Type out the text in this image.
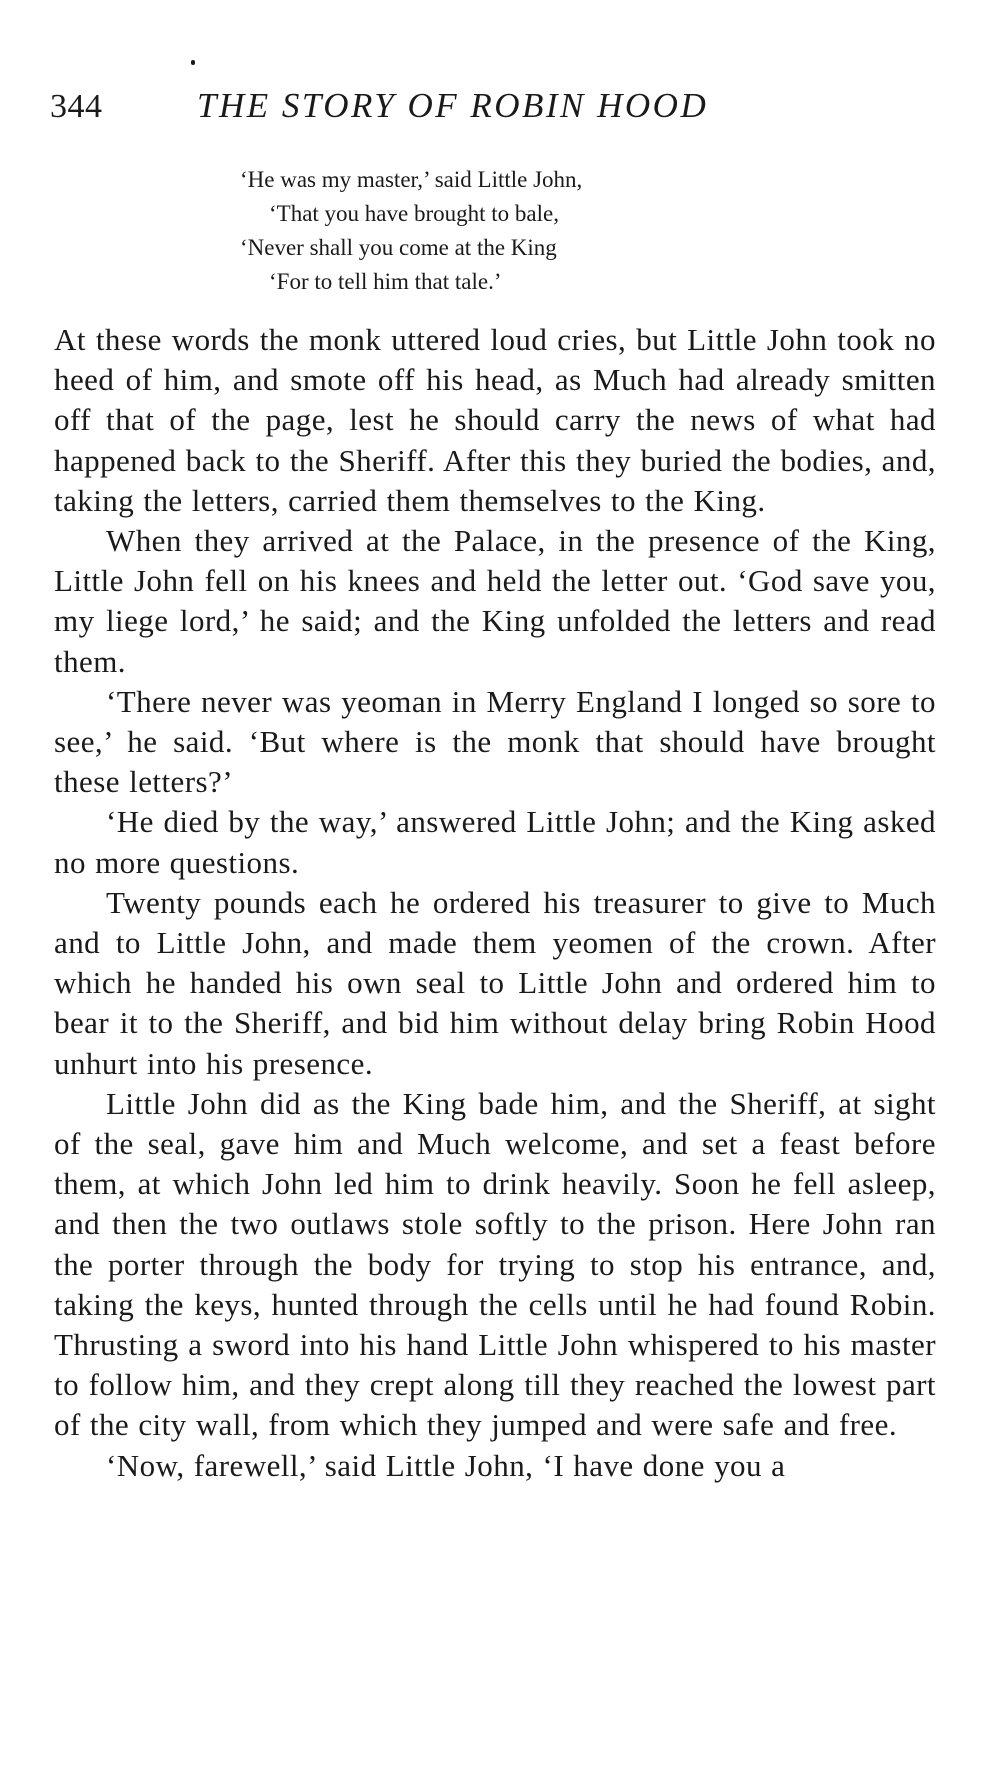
344	THE STORY OF ROBIN HOOD
‘He was my master,’ said Little John,
‘That you have brought to bale,
‘Never shall you come at the King
‘For to tell him that tale.’

At these words the monk uttered loud cries, but Little John took no heed of him, and smote off his head, as Much had already smitten off that of the page, lest he should carry the news of what had happened back to the Sheriff. After this they buried the bodies, and, taking the letters, carried them themselves to the King.

When they arrived at the Palace, in the presence of the King, Little John fell on his knees and held the letter out. ‘God save you, my liege lord,’ he said; and the King unfolded the letters and read them.

‘There never was yeoman in Merry England I longed so sore to see,’ he said. ‘But where is the monk that should have brought these letters?’

‘He died by the way,’ answered Little John; and the King asked no more questions.

Twenty pounds each he ordered his treasurer to give to Much and to Little John, and made them yeomen of the crown. After which he handed his own seal to Little John and ordered him to bear it to the Sheriff, and bid him without delay bring Robin Hood unhurt into his presence.

Little John did as the King bade him, and the Sheriff, at sight of the seal, gave him and Much welcome, and set a feast before them, at which John led him to drink heavily. Soon he fell asleep, and then the two outlaws stole softly to the prison. Here John ran the porter through the body for trying to stop his entrance, and, taking the keys, hunted through the cells until he had found Robin. Thrusting a sword into his hand Little John whispered to his master to follow him, and they crept along till they reached the lowest part of the city wall, from which they jumped and were safe and free.

‘Now, farewell,’ said Little John, ‘I have done you a
